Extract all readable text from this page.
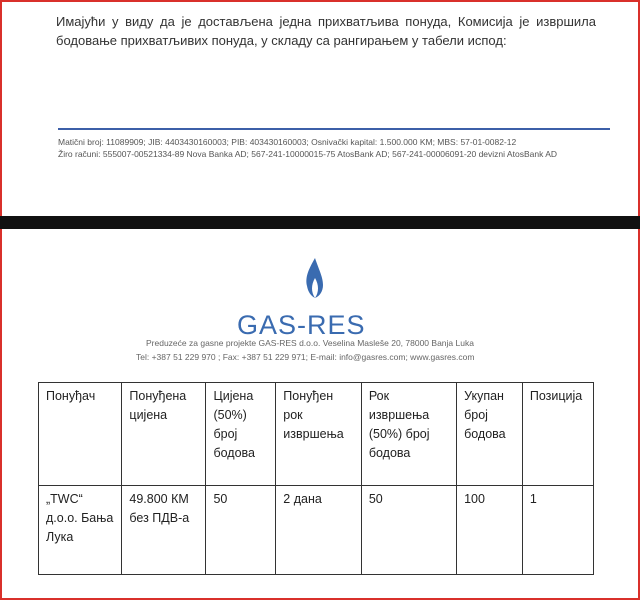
Имајући у виду да је достављена једна прихватљива понуда, Комисија је извршила бодовање прихватљивих понуда, у складу са рангирањем у табели испод:
Matični broj: 11089909; JIB: 4403430160003; PIB: 403430160003; Osnivački kapital: 1.500.000 KM; MBS: 57-01-0082-12
Žiro računi: 555007-00521334-89 Nova Banka AD; 567-241-10000015-75 AtosBank AD; 567-241-00006091-20 devizni AtosBank AD
GAS-RES
Preduzeće za gasne projekte GAS-RES d.o.o. Veselina Masleše 20, 78000 Banja Luka
Tel: +387 51 229 970 ; Fax: +387 51 229 971; E-mail: info@gasres.com; www.gasres.com
Понуђач	Понуђена цијена	Цијена (50%) број бодова	Понуђен рок извршења	Рок извршења (50%) број бодова	Укупан број бодова	Позиција
„TWC“ д.о.о. Бања Лука	49.800 КМ без ПДВ-а	50	2 дана	50	100	1
